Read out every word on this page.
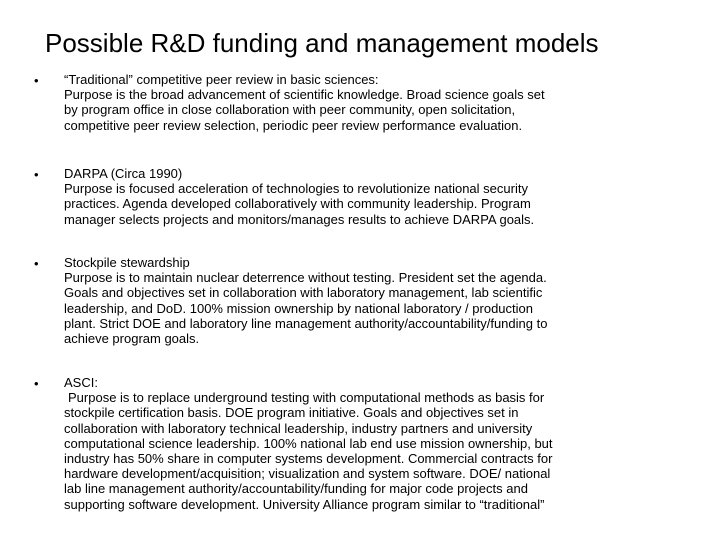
Possible R&D funding and management models
• “Traditional” competitive peer review in basic sciences:
Purpose is the broad advancement of scientific knowledge. Broad science goals set
by program office in close collaboration with peer community, open solicitation,
competitive peer review selection, periodic peer review performance evaluation.
• DARPA (Circa 1990)
Purpose is focused acceleration of technologies to revolutionize national security
practices. Agenda developed collaboratively with community leadership. Program
manager selects projects and monitors/manages results to achieve DARPA goals.
• Stockpile stewardship
Purpose is to maintain nuclear deterrence without testing. President set the agenda.
Goals and objectives set in collaboration with laboratory management, lab scientific
leadership, and DoD. 100% mission ownership by national laboratory / production
plant. Strict DOE and laboratory line management authority/accountability/funding to
achieve program goals.
• ASCI:
Purpose is to replace underground testing with computational methods as basis for
stockpile certification basis. DOE program initiative. Goals and objectives set in
collaboration with laboratory technical leadership, industry partners and university
computational science leadership. 100% national lab end use mission ownership, but
industry has 50% share in computer systems development. Commercial contracts for
hardware development/acquisition; visualization and system software. DOE/ national
lab line management authority/accountability/funding for major code projects and
supporting software development. University Alliance program similar to “traditional”
